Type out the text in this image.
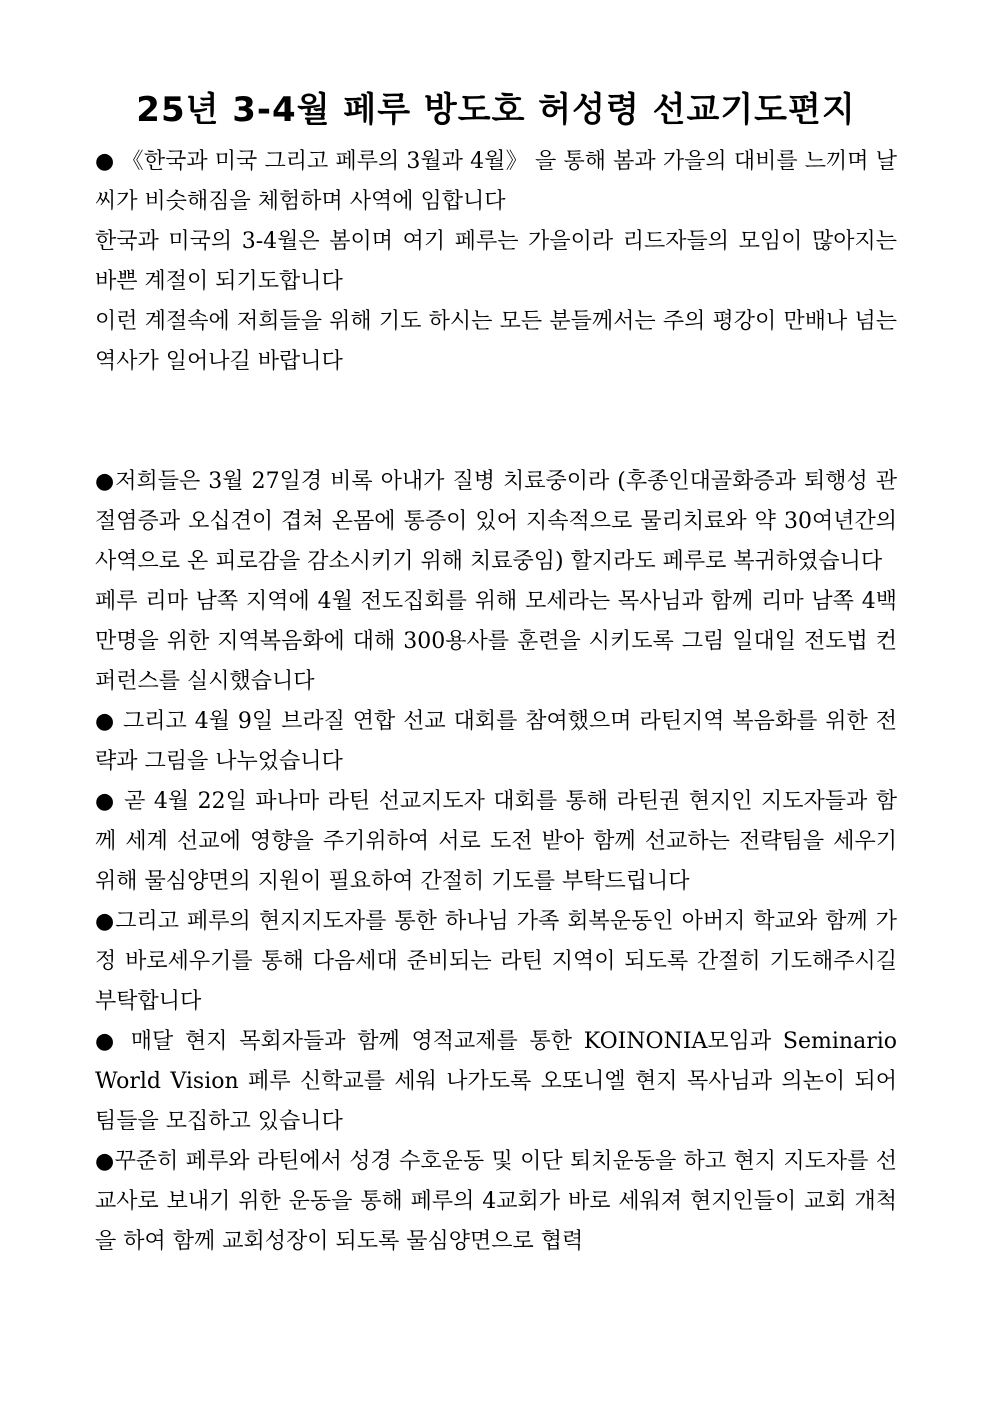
25년 3-4월 페루 방도호 허성령 선교기도편지

● 《한국과 미국 그리고 페루의 3월과 4월》 을 통해 봄과 가을의 대비를 느끼며 날씨가 비슷해짐을 체험하며 사역에 임합니다

한국과 미국의 3-4월은 봄이며 여기 페루는 가을이라 리드자들의 모임이 많아지는 바쁜 계절이 되기도합니다

이런 계절속에 저희들을 위해 기도 하시는 모든 분들께서는 주의 평강이 만배나 넘는 역사가 일어나길 바랍니다

●저희들은 3월 27일경 비록 아내가 질병 치료중이라 (후종인대골화증과 퇴행성 관절염증과 오십견이 겹쳐 온몸에 통증이 있어 지속적으로 물리치료와 약 30여년간의 사역으로 온 피로감을 감소시키기 위해 치료중임) 할지라도 페루로 복귀하였습니다

페루 리마 남쪽 지역에 4월 전도집회를 위해 모세라는 목사님과 함께 리마 남쪽 4백만명을 위한 지역복음화에 대해 300용사를 훈련을 시키도록 그림 일대일 전도법 컨퍼런스를 실시했습니다

● 그리고 4월 9일 브라질 연합 선교 대회를 참여했으며 라틴지역 복음화를 위한 전략과 그림을 나누었습니다

● 곧 4월 22일 파나마 라틴 선교지도자 대회를 통해 라틴권 현지인 지도자들과 함께 세계 선교에 영향을 주기위하여 서로 도전 받아 함께 선교하는 전략팀을 세우기 위해 물심양면의 지원이 필요하여 간절히 기도를 부탁드립니다

●그리고 페루의 현지지도자를 통한 하나님 가족 회복운동인 아버지 학교와 함께 가정 바로세우기를 통해 다음세대 준비되는 라틴 지역이 되도록 간절히 기도해주시길 부탁합니다

● 매달 현지 목회자들과 함께 영적교제를 통한 KOINONIA모임과 Seminario World Vision 페루 신학교를 세워 나가도록 오또니엘 현지 목사님과 의논이 되어 팀들을 모집하고 있습니다

●꾸준히 페루와 라틴에서 성경 수호운동 및 이단 퇴치운동을 하고 현지 지도자를 선교사로 보내기 위한 운동을 통해 페루의 4교회가 바로 세워져 현지인들이 교회 개척을 하여 함께 교회성장이 되도록 물심양면으로 협력
